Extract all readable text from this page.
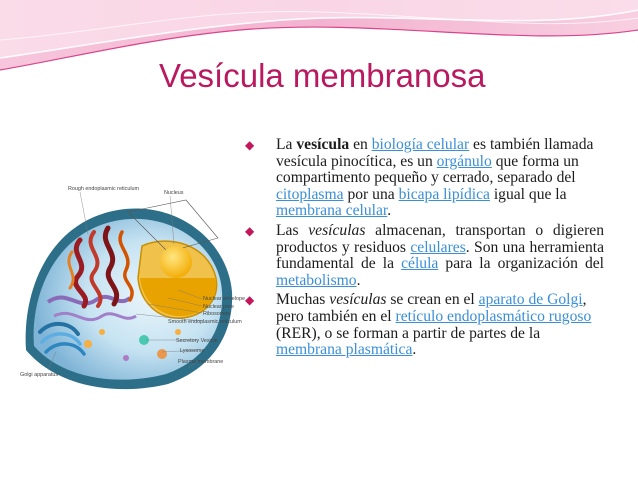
Vesícula membranosa
Rough endoplasmic reticulum
Nucleus
Nuclear envelope
Nuclear pore
Ribosomes
Smooth endoplasmic reticulum
Secretory Vesicle
Lysosome
Golgi apparatus
Plasma membrane
◆ La vesícula en biología celular es también llamada vesícula pinocítica, es un orgánulo que forma un compartimento pequeño y cerrado, separado del citoplasma por una bicapa lipídica igual que la membrana celular.
◆ Las vesículas almacenan, transportan o digieren productos y residuos celulares. Son una herramienta fundamental de la célula para la organización del metabolismo.
◆ Muchas vesículas se crean en el aparato de Golgi, pero también en el retículo endoplasmático rugoso (RER), o se forman a partir de partes de la membrana plasmática.
